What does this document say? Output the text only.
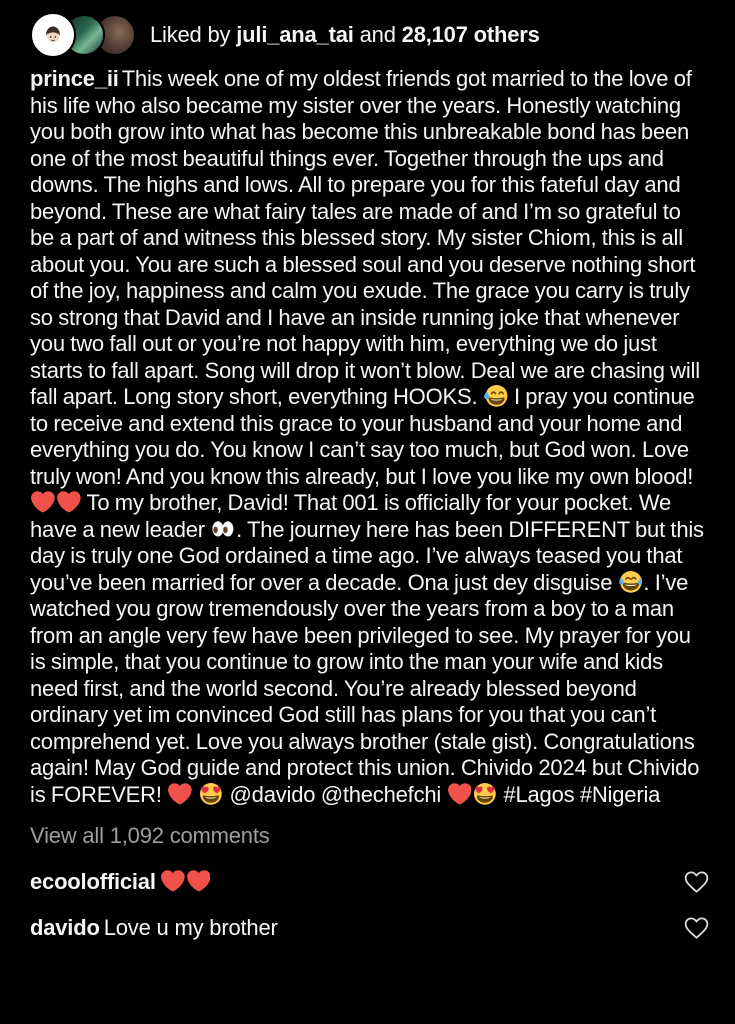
Liked by juli_ana_tai and 28,107 others
prince_ii This week one of my oldest friends got married to the love of his life who also became my sister over the years. Honestly watching you both grow into what has become this unbreakable bond has been one of the most beautiful things ever. Together through the ups and downs. The highs and lows. All to prepare you for this fateful day and beyond. These are what fairy tales are made of and I’m so grateful to be a part of and witness this blessed story. My sister Chiom, this is all about you. You are such a blessed soul and you deserve nothing short of the joy, happiness and calm you exude. The grace you carry is truly so strong that David and I have an inside running joke that whenever you two fall out or you’re not happy with him, everything we do just starts to fall apart. Song will drop it won’t blow. Deal we are chasing will fall apart. Long story short, everything HOOKS.  I pray you continue to receive and extend this grace to your husband and your home and everything you do. You know I can’t say too much, but God won. Love truly won! And you know this already, but I love you like my own blood!  To my brother, David! That 001 is officially for your pocket. We have a new leader . The journey here has been DIFFERENT but this day is truly one God ordained a time ago. I’ve always teased you that you’ve been married for over a decade. Ona just dey disguise . I’ve watched you grow tremendously over the years from a boy to a man from an angle very few have been privileged to see. My prayer for you is simple, that you continue to grow into the man your wife and kids need first, and the world second. You’re already blessed beyond ordinary yet im convinced God still has plans for you that you can’t comprehend yet. Love you always brother (stale gist). Congratulations again! May God guide and protect this union. Chivido 2024 but Chivido is FOREVER!	@davido @thechefchi  #Lagos #Nigeria
View all 1,092 comments
ecoolofficial
davido Love u my brother
